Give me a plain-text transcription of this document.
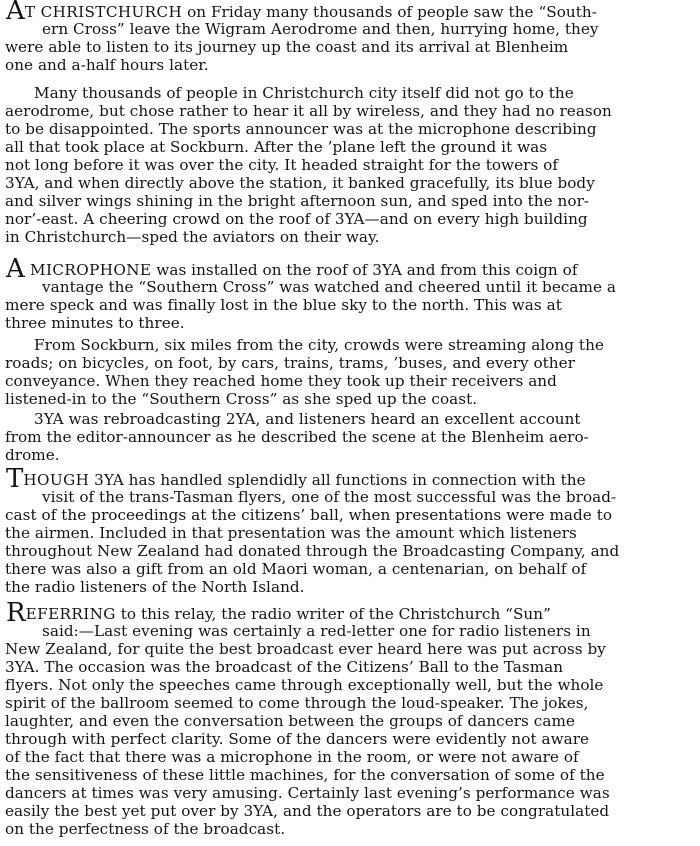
AT CHRISTCHURCH on Friday many thousands of people saw the “South-
ern Cross” leave the Wigram Aerodrome and then, hurrying home, they
were able to listen to its journey up the coast and its arrival at Blenheim
one and a-half hours later.
Many thousands of people in Christchurch city itself did not go to the
aerodrome, but chose rather to hear it all by wireless, and they had no reason
to be disappointed. The sports announcer was at the microphone describing
all that took place at Sockburn. After the ’plane left the ground it was
not long before it was over the city. It headed straight for the towers of
3YA, and when directly above the station, it banked gracefully, its blue body
and silver wings shining in the bright afternoon sun, and sped into the nor-
nor’-east. A cheering crowd on the roof of 3YA—and on every high building
in Christchurch—sped the aviators on their way.
A MICROPHONE was installed on the roof of 3YA and from this coign of
vantage the “Southern Cross” was watched and cheered until it became a
mere speck and was finally lost in the blue sky to the north. This was at
three minutes to three.
From Sockburn, six miles from the city, crowds were streaming along the
roads; on bicycles, on foot, by cars, trains, trams, ’buses, and every other
conveyance. When they reached home they took up their receivers and
listened-in to the “Southern Cross” as she sped up the coast.
3YA was rebroadcasting 2YA, and listeners heard an excellent account
from the editor-announcer as he described the scene at the Blenheim aero-
drome.
THOUGH 3YA has handled splendidly all functions in connection with the
visit of the trans-Tasman flyers, one of the most successful was the broad-
cast of the proceedings at the citizens’ ball, when presentations were made to
the airmen. Included in that presentation was the amount which listeners
throughout New Zealand had donated through the Broadcasting Company, and
there was also a gift from an old Maori woman, a centenarian, on behalf of
the radio listeners of the North Island.
REFERRING to this relay, the radio writer of the Christchurch “Sun”
said:—Last evening was certainly a red-letter one for radio listeners in
New Zealand, for quite the best broadcast ever heard here was put across by
3YA. The occasion was the broadcast of the Citizens’ Ball to the Tasman
flyers. Not only the speeches came through exceptionally well, but the whole
spirit of the ballroom seemed to come through the loud-speaker. The jokes,
laughter, and even the conversation between the groups of dancers came
through with perfect clarity. Some of the dancers were evidently not aware
of the fact that there was a microphone in the room, or were not aware of
the sensitiveness of these little machines, for the conversation of some of the
dancers at times was very amusing. Certainly last evening’s performance was
easily the best yet put over by 3YA, and the operators are to be congratulated
on the perfectness of the broadcast.
